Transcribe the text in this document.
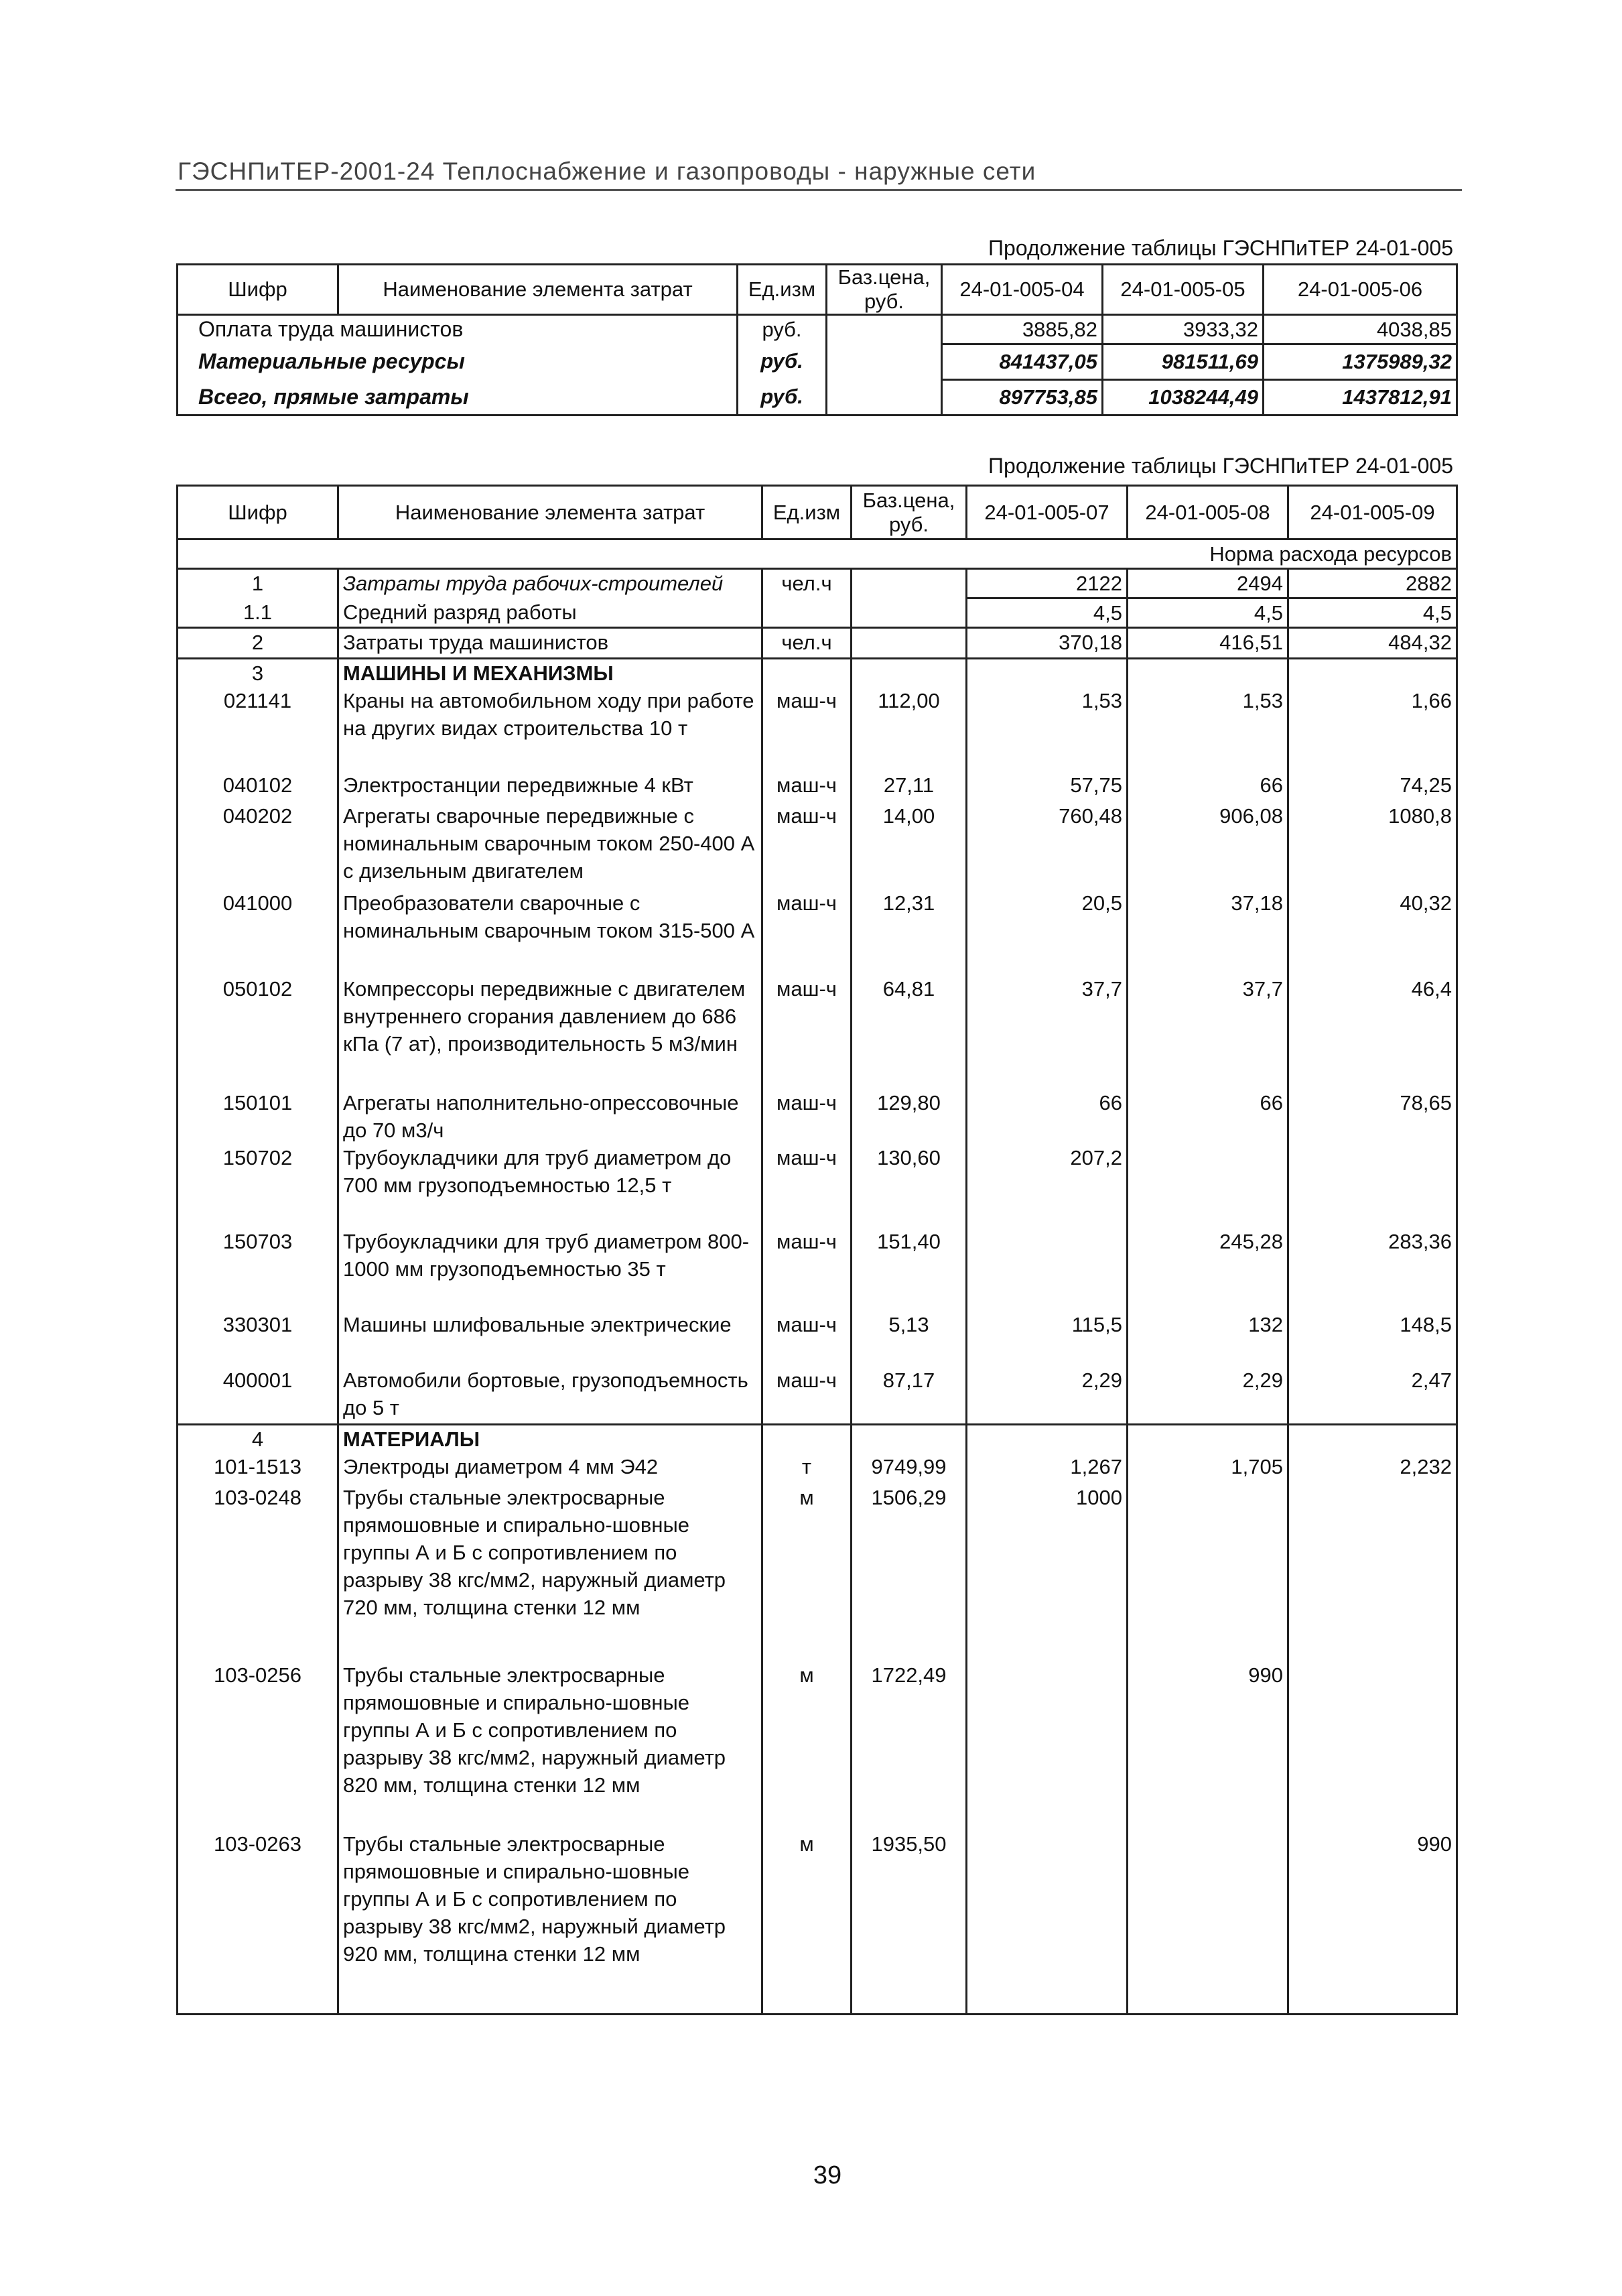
ГЭСНПиТЕР-2001-24 Теплоснабжение и газопроводы - наружные сети
Продолжение таблицы ГЭСНПиТЕР 24-01-005
Шифр	Наименование элемента затрат	Ед.изм	Баз.цена, руб.	24-01-005-04	24-01-005-05	24-01-005-06
Оплата труда машинистов		руб.		3885,82	3933,32	4038,85
Материальные ресурсы		руб.		841437,05	981511,69	1375989,32
Всего, прямые затраты		руб.		897753,85	1038244,49	1437812,91
Продолжение таблицы ГЭСНПиТЕР 24-01-005
Шифр	Наименование элемента затрат	Ед.изм	Баз.цена, руб.	24-01-005-07	24-01-005-08	24-01-005-09
Норма расхода ресурсов						
1	Затраты труда рабочих-строителей	чел.ч		2122	2494	2882
1.1	Средний разряд работы			4,5	4,5	4,5
2	Затраты труда машинистов	чел.ч		370,18	416,51	484,32
3	МАШИНЫ И МЕХАНИЗМЫ					
021141	Краны на автомобильном ходу при работе на других видах строительства 10 т	маш-ч	112,00	1,53	1,53	1,66
040102	Электростанции передвижные 4 кВт	маш-ч	27,11	57,75	66	74,25
040202	Агрегаты сварочные передвижные с номинальным сварочным током 250-400 А с дизельным двигателем	маш-ч	14,00	760,48	906,08	1080,8
041000	Преобразователи сварочные с номинальным сварочным током 315-500 А	маш-ч	12,31	20,5	37,18	40,32
050102	Компрессоры передвижные с двигателем внутреннего сгорания давлением до 686 кПа (7 ат), производительность 5 м3/мин	маш-ч	64,81	37,7	37,7	46,4
150101	Агрегаты наполнительно-опрессовочные до 70 м3/ч	маш-ч	129,80	66	66	78,65
150702	Трубоукладчики для труб диаметром до 700 мм грузоподъемностью 12,5 т	маш-ч	130,60	207,2		
150703	Трубоукладчики для труб диаметром 800-1000 мм грузоподъемностью 35 т	маш-ч	151,40		245,28	283,36
330301	Машины шлифовальные электрические	маш-ч	5,13	115,5	132	148,5
400001	Автомобили бортовые, грузоподъемность до 5 т	маш-ч	87,17	2,29	2,29	2,47
4	МАТЕРИАЛЫ					
101-1513	Электроды диаметром 4 мм Э42	т	9749,99	1,267	1,705	2,232
103-0248	Трубы стальные электросварные прямошовные и спирально-шовные группы А и Б с сопротивлением по разрыву 38 кгс/мм2, наружный диаметр 720 мм, толщина стенки 12 мм	м	1506,29	1000		
103-0256	Трубы стальные электросварные прямошовные и спирально-шовные группы А и Б с сопротивлением по разрыву 38 кгс/мм2, наружный диаметр 820 мм, толщина стенки 12 мм	м	1722,49		990	
103-0263	Трубы стальные электросварные прямошовные и спирально-шовные группы А и Б с сопротивлением по разрыву 38 кгс/мм2, наружный диаметр 920 мм, толщина стенки 12 мм	м	1935,50			990
39
